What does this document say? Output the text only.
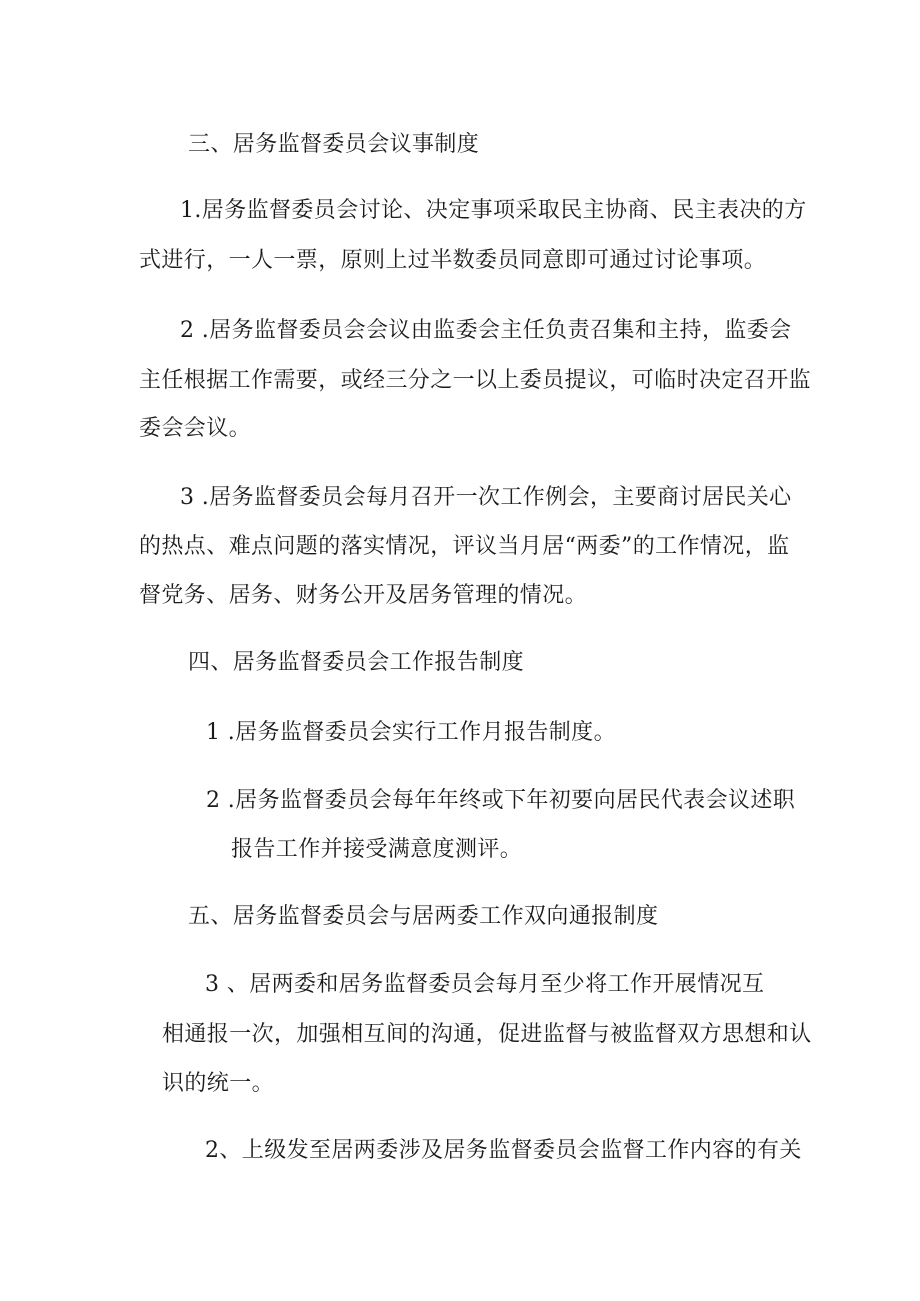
三、居务监督委员会议事制度
1.居务监督委员会讨论、决定事项采取民主协商、民主表决的方
式进行，一人一票，原则上过半数委员同意即可通过讨论事项。
2 .居务监督委员会会议由监委会主任负责召集和主持，监委会
主任根据工作需要，或经三分之一以上委员提议，可临时决定召开监
委会会议。
3 .居务监督委员会每月召开一次工作例会，主要商讨居民关心
的热点、难点问题的落实情况，评议当月居“两委”的工作情况，监
督党务、居务、财务公开及居务管理的情况。
四、居务监督委员会工作报告制度
1 .居务监督委员会实行工作月报告制度。
2 .居务监督委员会每年年终或下年初要向居民代表会议述职
报告工作并接受满意度测评。
五、居务监督委员会与居两委工作双向通报制度
3 、居两委和居务监督委员会每月至少将工作开展情况互
相通报一次，加强相互间的沟通，促进监督与被监督双方思想和认
识的统一。
2、上级发至居两委涉及居务监督委员会监督工作内容的有关
